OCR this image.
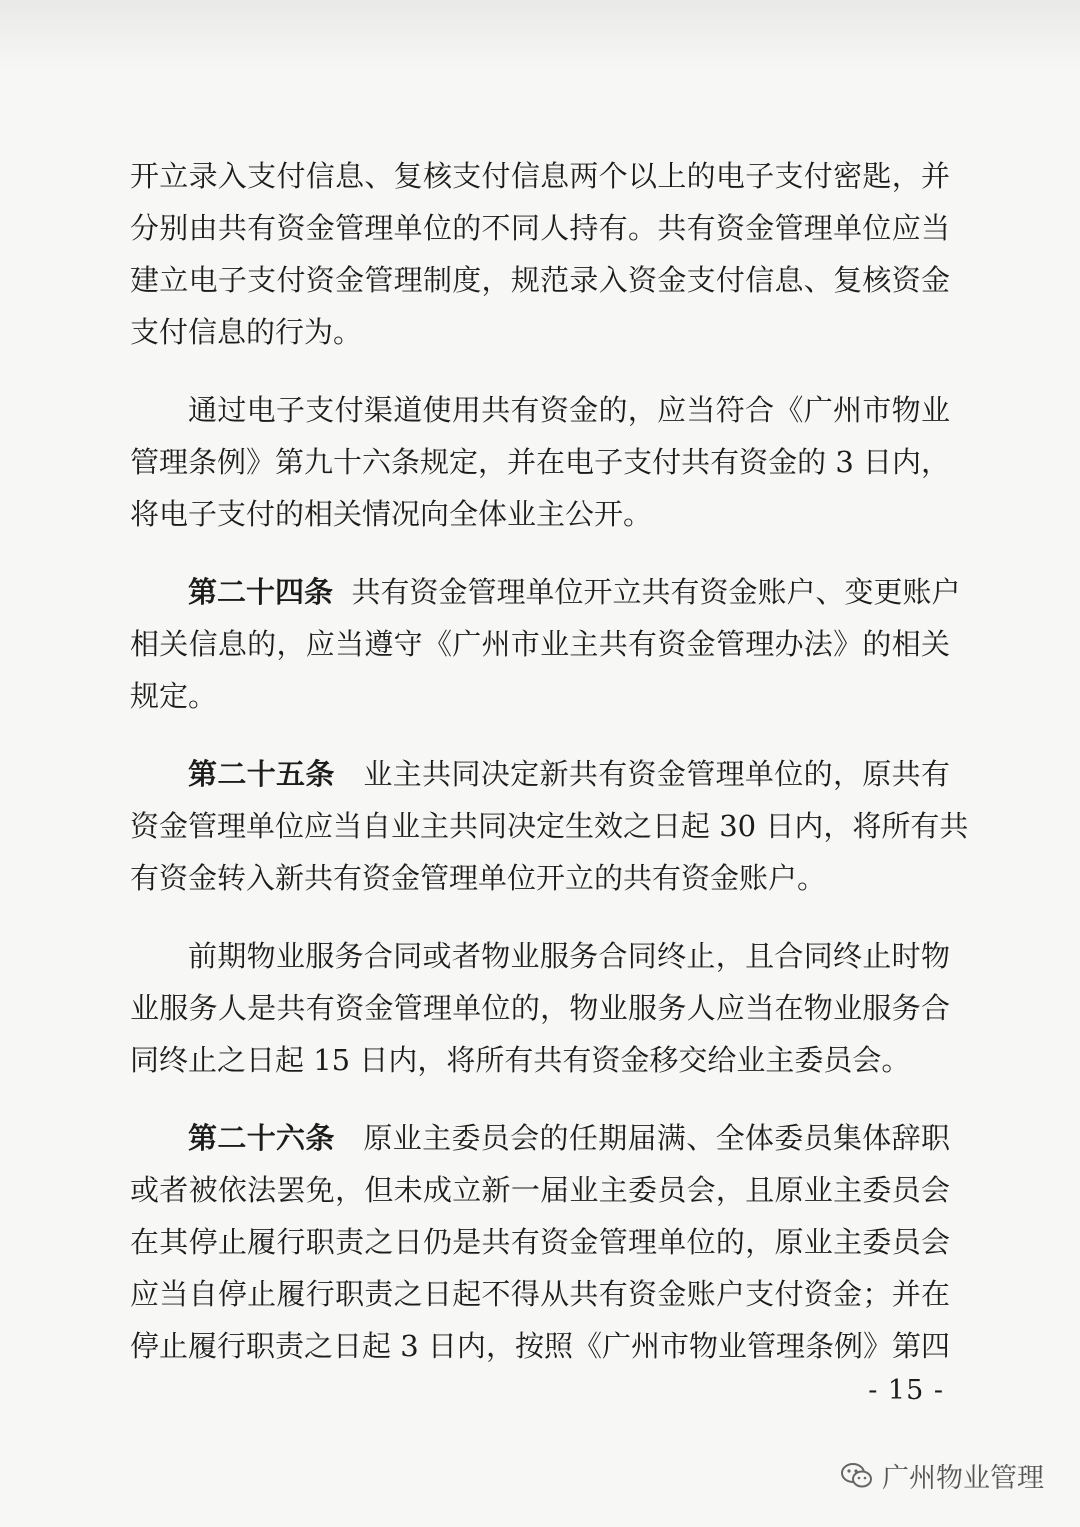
开立录入支付信息、复核支付信息两个以上的电子支付密匙，并
分别由共有资金管理单位的不同人持有。共有资金管理单位应当
建立电子支付资金管理制度，规范录入资金支付信息、复核资金
支付信息的行为。
通过电子支付渠道使用共有资金的，应当符合《广州市物业
管理条例》第九十六条规定，并在电子支付共有资金的 3 日内，
将电子支付的相关情况向全体业主公开。
第二十四条  共有资金管理单位开立共有资金账户、变更账户
相关信息的，应当遵守《广州市业主共有资金管理办法》的相关
规定。
第二十五条   业主共同决定新共有资金管理单位的，原共有
资金管理单位应当自业主共同决定生效之日起 30 日内，将所有共
有资金转入新共有资金管理单位开立的共有资金账户。
前期物业服务合同或者物业服务合同终止，且合同终止时物
业服务人是共有资金管理单位的，物业服务人应当在物业服务合
同终止之日起 15 日内，将所有共有资金移交给业主委员会。
第二十六条   原业主委员会的任期届满、全体委员集体辞职
或者被依法罢免，但未成立新一届业主委员会，且原业主委员会
在其停止履行职责之日仍是共有资金管理单位的，原业主委员会
应当自停止履行职责之日起不得从共有资金账户支付资金；并在
停止履行职责之日起 3 日内，按照《广州市物业管理条例》第四
- 15 -
广州物业管理
